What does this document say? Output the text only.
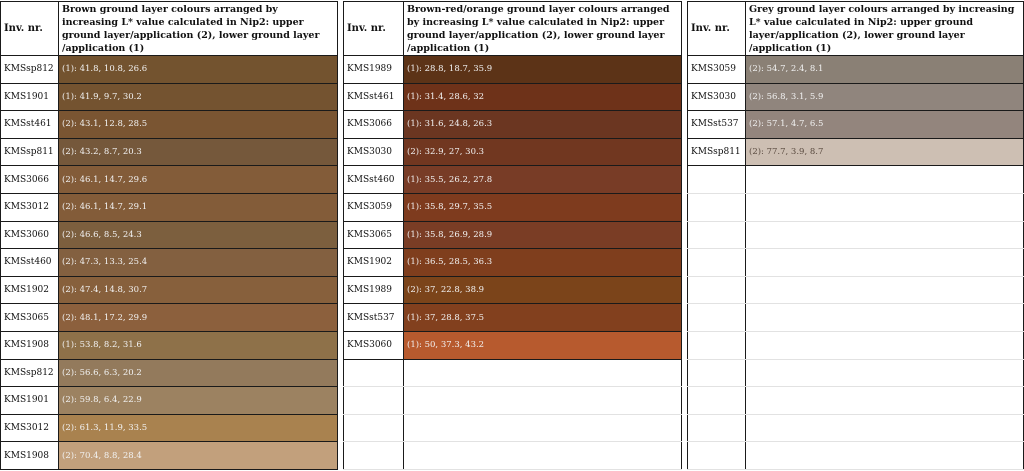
Inv. nr.	Brown ground layer colours arranged by increasing L* value calculated in Nip2: upper ground layer/application (2), lower ground layer /application (1)
KMSsp812	(1): 41.8, 10.8, 26.6
KMS1901	(1): 41.9, 9.7, 30.2
KMSst461	(2): 43.1, 12.8, 28.5
KMSsp811	(2): 43.2, 8.7, 20.3
KMS3066	(2): 46.1, 14.7, 29.6
KMS3012	(2): 46.1, 14.7, 29.1
KMS3060	(2): 46.6, 8.5, 24.3
KMSst460	(2): 47.3, 13.3, 25.4
KMS1902	(2): 47.4, 14.8, 30.7
KMS3065	(2): 48.1, 17.2, 29.9
KMS1908	(1): 53.8, 8.2, 31.6
KMSsp812	(2): 56.6, 6.3, 20.2
KMS1901	(2): 59.8, 6.4, 22.9
KMS3012	(2): 61.3, 11.9, 33.5
KMS1908	(2): 70.4, 8.8, 28.4
Inv. nr.	Brown-red/orange ground layer colours arranged by increasing L* value calculated in Nip2: upper ground layer/application (2), lower ground layer /application (1)
KMS1989	(1): 28.8, 18.7, 35.9
KMSst461	(1): 31.4, 28.6, 32
KMS3066	(1): 31.6, 24.8, 26.3
KMS3030	(2): 32.9, 27, 30.3
KMSst460	(1): 35.5, 26.2, 27.8
KMS3059	(1): 35.8, 29.7, 35.5
KMS3065	(1): 35.8, 26.9, 28.9
KMS1902	(1): 36.5, 28.5, 36.3
KMS1989	(2): 37, 22.8, 38.9
KMSst537	(1): 37, 28.8, 37.5
KMS3060	(1): 50, 37.3, 43.2

Inv. nr.	Grey ground layer colours arranged by increasing L* value calculated in Nip2: upper ground layer/application (2), lower ground layer /application (1)
KMS3059	(2): 54.7, 2.4, 8.1
KMS3030	(2): 56.8, 3.1, 5.9
KMSst537	(2): 57.1, 4.7, 6.5
KMSsp811	(2): 77.7, 3.9, 8.7
